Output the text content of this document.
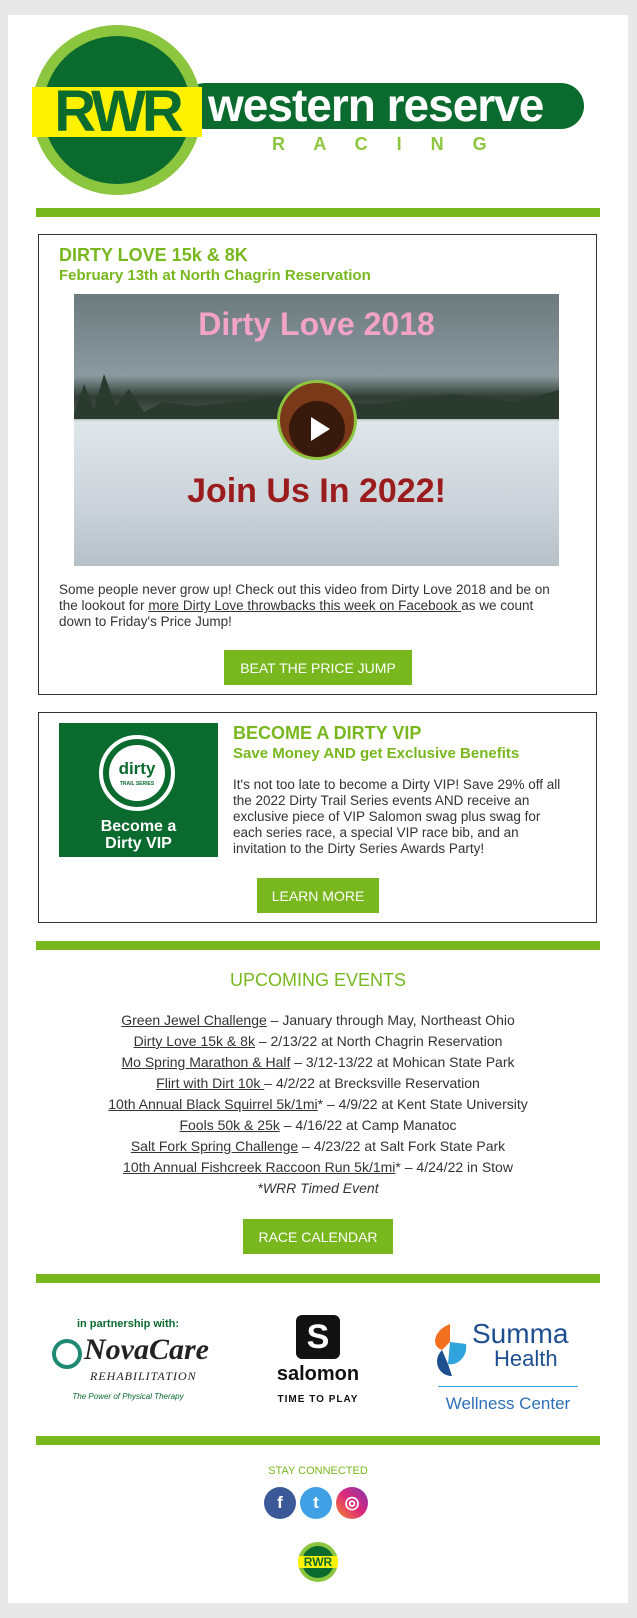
RWR western reserve
R A C I N G
DIRTY LOVE 15k & 8K
February 13th at North Chagrin Reservation
Dirty Love 2018
Join Us In 2022!
Some people never grow up! Check out this video from Dirty Love 2018 and be on the lookout for more Dirty Love throwbacks this week on Facebook as we count down to Friday's Price Jump!
BEAT THE PRICE JUMP
dirty
TRAIL SERIES
Become a
Dirty VIP
BECOME A DIRTY VIP
Save Money AND get Exclusive Benefits
It's not too late to become a Dirty VIP! Save 29% off all the 2022 Dirty Trail Series events AND receive an exclusive piece of VIP Salomon swag plus swag for each series race, a special VIP race bib, and an invitation to the Dirty Series Awards Party!
LEARN MORE
UPCOMING EVENTS
Green Jewel Challenge – January through May, Northeast Ohio
Dirty Love 15k & 8k – 2/13/22 at North Chagrin Reservation
Mo Spring Marathon & Half – 3/12-13/22 at Mohican State Park
Flirt with Dirt 10k – 4/2/22 at Brecksville Reservation
10th Annual Black Squirrel 5k/1mi* – 4/9/22 at Kent State University
Fools 50k & 25k – 4/16/22 at Camp Manatoc
Salt Fork Spring Challenge – 4/23/22 at Salt Fork State Park
10th Annual Fishcreek Raccoon Run 5k/1mi* – 4/24/22 in Stow
*WRR Timed Event
RACE CALENDAR
in partnership with:
NovaCare
REHABILITATION
The Power of Physical Therapy
S
salomon
TIME TO PLAY
Summa
Health
Wellness Center
STAY CONNECTED
f	t	◎
RWR
